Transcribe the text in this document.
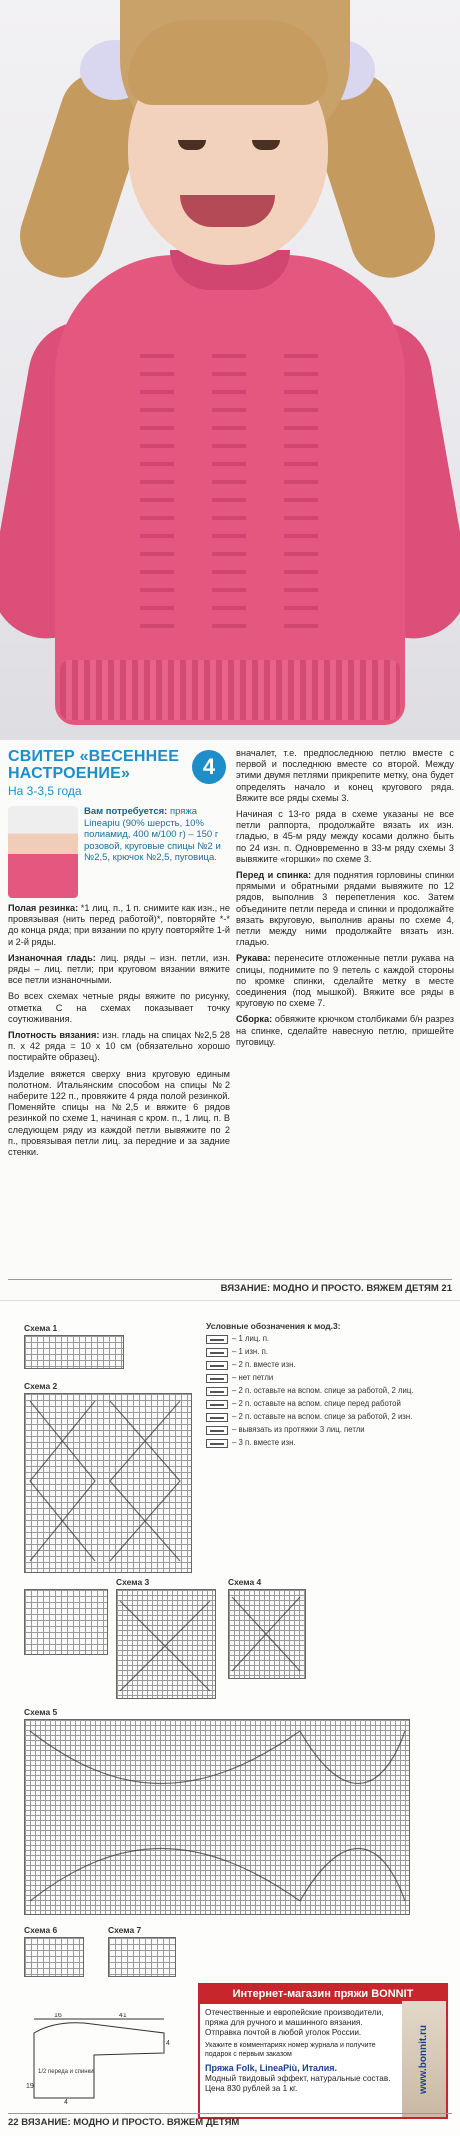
СВИТЕР «ВЕСЕННЕЕ НАСТРОЕНИЕ»
На 3-3,5 года
4
Вам потребуется: пряжа Lineapiu (90% шерсть, 10% полиамид, 400 м/100 г) – 150 г розовой, круговые спицы №2 и №2,5, крючок №2,5, пуговица.

Полая резинка: *1 лиц. п., 1 п. снимите как изн., не провязывая (нить перед работой)*, повторяйте *-* до конца ряда; при вязании по кругу повторяйте 1-й и 2-й ряды.

Изнаночная гладь: лиц. ряды – изн. петли, изн. ряды – лиц. петли; при круговом вязании вяжите все петли изнаночными.

Во всех схемах четные ряды вяжите по рисунку, отметка С на схемах показывает точку соутюживания.

Плотность вязания: изн. гладь на спицах №2,5 28 п. х 42 ряда = 10 х 10 см (обязательно хорошо постирайте образец).

Изделие вяжется сверху вниз круговую единым полотном. Итальянским способом на спицы №2 наберите 122 п., провяжите 4 ряда полой резинкой. Поменяйте спицы на №2,5 и вяжите 6 рядов резинкой по схеме 1, начиная с кром. п., 1 лиц. п. В следующем ряду из каждой петли вывяжите по 2 п., провязывая петли лиц. за передние и за задние стенки.

вначалет, т.е. предпоследнюю петлю вместе с первой и последнюю вместе со второй. Между этими двумя петлями прикрепите метку, она будет определять начало и конец кругового ряда. Вяжите все ряды схемы 3.

Начиная с 13-го ряда в схеме указаны не все петли раппорта, продолжайте вязать их изн. гладью, в 45-м ряду между косами должно быть по 24 изн. п. Одновременно в 33-м ряду схемы 3 вывяжите «горшки» по схеме 3.

Перед и спинка: для поднятия горловины спинки прямыми и обратными рядами вывяжите по 12 рядов, выполнив 3 перепетления кос. Затем объедините петли переда и спинки и продолжайте вязать вкруговую, выполнив араны по схеме 4, петли между ними продолжайте вязать изн. гладью.

Рукава: перенесите отложенные петли рукава на спицы, поднимите по 9 петель с каждой стороны по кромке спинки, сделайте метку в месте соединения (под мышкой). Вяжите все ряды в круговую по схеме 7.

Сборка: обвяжите крючком столбиками б/н разрез на спинке, сделайте навесную петлю, пришейте пуговицу.

ВЯЗАНИЕ: МОДНО И ПРОСТО. ВЯЖЕМ ДЕТЯМ 21
Схема 1
Схема 2
Схема 3	Схема 4
Схема 5
Схема 6	Схема 7
Условные обозначения к мод.3:
– 1 лиц. п.
– 1 изн. п.
– 2 п. вместе изн.
– нет петли
– 2 п. оставьте на вспом. спице за работой, 2 лиц.
– 2 п. оставьте на вспом. спице перед работой
– 2 п. оставьте на вспом. спице за работой, 2 изн.
– вывязать из протяжки 3 лиц. петли
– 3 п. вместе изн.
16	41
4
1/2 переда и спинки
19
4
Интернет-магазин пряжи BONNIT
Отечественные и европейские производители, пряжа для ручного и машинного вязания. Отправка почтой в любой уголок России.
Укажите в комментариях номер журнала и получите подарок с первым заказом
Пряжа Folk, LineaPiù, Италия.
Модный твидовый эффект, натуральные состав. Цена 830 рублей за 1 кг.	www.bonnit.ru
22 ВЯЗАНИЕ: МОДНО И ПРОСТО. ВЯЖЕМ ДЕТЯМ
